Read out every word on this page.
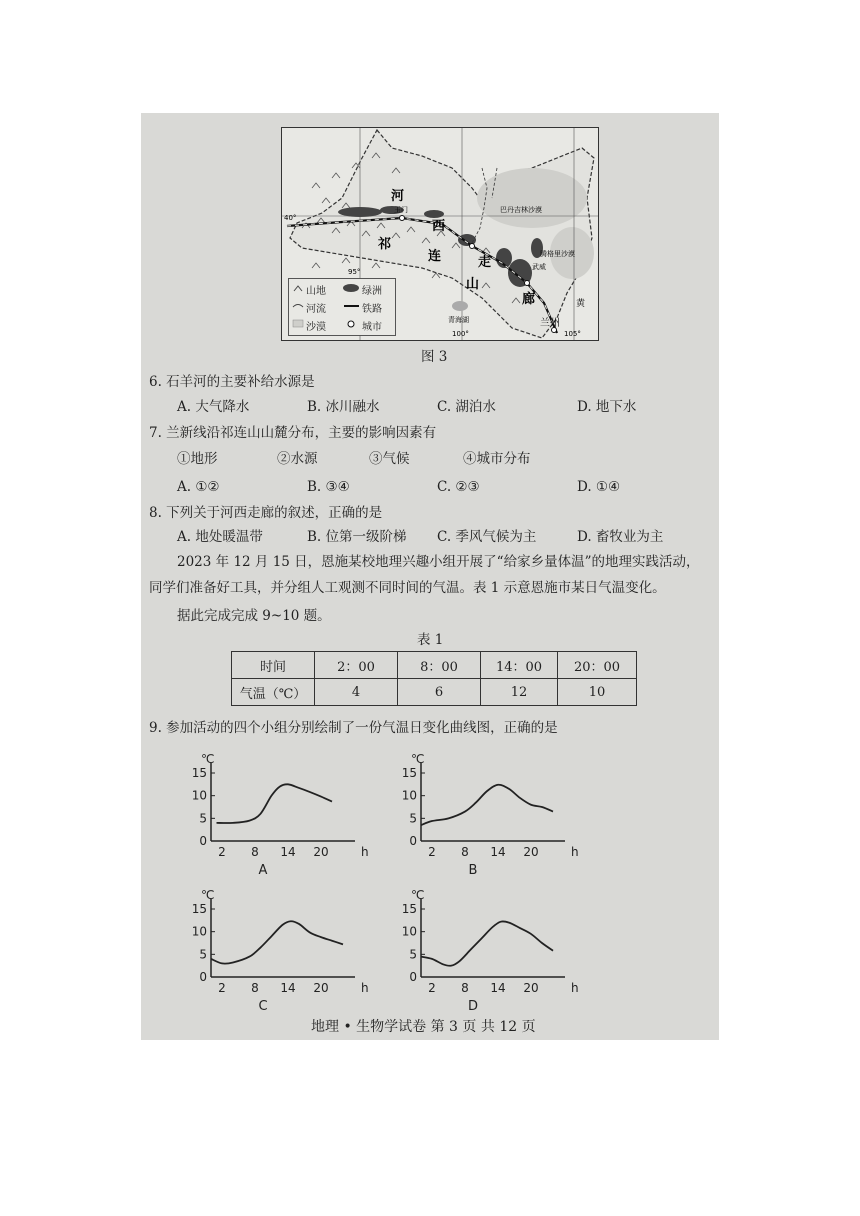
河
西
走
廊
祁
连
山
巴丹吉林沙漠
腾格里沙漠
40°
95°
100°	105°
青海湖
玉门
武威
黄
兰州
山地	绿洲
河流	铁路
沙漠	城市
图 3
6. 石羊河的主要补给水源是
A. 大气降水	B. 冰川融水	C. 湖泊水	D. 地下水
7. 兰新线沿祁连山山麓分布，主要的影响因素有
①地形	②水源	③气候	④城市分布
A. ①②	B. ③④	C. ②③	D. ①④
8. 下列关于河西走廊的叙述，正确的是
A. 地处暖温带	B. 位第一级阶梯 C. 季风气候为主	D. 畜牧业为主
2023 年 12 月 15 日，恩施某校地理兴趣小组开展了“给家乡量体温”的地理实践活动，
同学们准备好工具，并分组人工观测不同时间的气温。表 1 示意恩施市某日气温变化。
据此完成完成 9~10 题。
表 1
时间	2：00	8：00	14：00	20：00
气温（℃）	4	6	12	10
9. 参加活动的四个小组分别绘制了一份气温日变化曲线图，正确的是
0
5
10
15
2 8 14 20
℃
h
A
0
5
10
15
2 8 14 20
℃
h
B
0
5
10
15
2 8 14 20
℃
h
C
0
5
10
15
2 8 14 20
℃
h
D
地理 • 生物学试卷 第 3 页 共 12 页
